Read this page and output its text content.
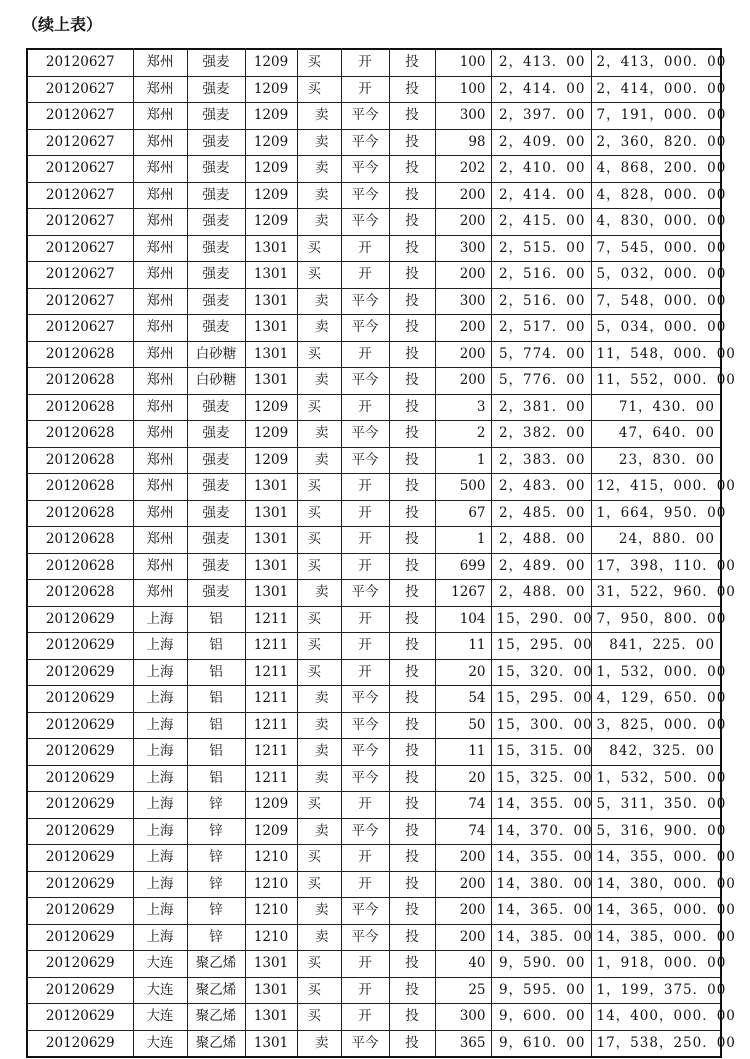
（续上表）
20120627	郑州	强麦	1209	买	开	投	100	2，413．00	2，413，000．00
20120627	郑州	强麦	1209	买	开	投	100	2，414．00	2，414，000．00
20120627	郑州	强麦	1209	卖	平今	投	300	2，397．00	7，191，000．00
20120627	郑州	强麦	1209	卖	平今	投	98	2，409．00	2，360，820．00
20120627	郑州	强麦	1209	卖	平今	投	202	2，410．00	4，868，200．00
20120627	郑州	强麦	1209	卖	平今	投	200	2，414．00	4，828，000．00
20120627	郑州	强麦	1209	卖	平今	投	200	2，415．00	4，830，000．00
20120627	郑州	强麦	1301	买	开	投	300	2，515．00	7，545，000．00
20120627	郑州	强麦	1301	买	开	投	200	2，516．00	5，032，000．00
20120627	郑州	强麦	1301	卖	平今	投	300	2，516．00	7，548，000．00
20120627	郑州	强麦	1301	卖	平今	投	200	2，517．00	5，034，000．00
20120628	郑州	白砂糖	1301	买	开	投	200	5，774．00	11，548，000．00
20120628	郑州	白砂糖	1301	卖	平今	投	200	5，776．00	11，552，000．00
20120628	郑州	强麦	1209	买	开	投	3	2，381．00	71，430．00
20120628	郑州	强麦	1209	卖	平今	投	2	2，382．00	47，640．00
20120628	郑州	强麦	1209	卖	平今	投	1	2，383．00	23，830．00
20120628	郑州	强麦	1301	买	开	投	500	2，483．00	12，415，000．00
20120628	郑州	强麦	1301	买	开	投	67	2，485．00	1，664，950．00
20120628	郑州	强麦	1301	买	开	投	1	2，488．00	24，880．00
20120628	郑州	强麦	1301	买	开	投	699	2，489．00	17，398，110．00
20120628	郑州	强麦	1301	卖	平今	投	1267	2，488．00	31，522，960．00
20120629	上海	铝	1211	买	开	投	104	15，290．00	7，950，800．00
20120629	上海	铝	1211	买	开	投	11	15，295．00	841，225．00
20120629	上海	铝	1211	买	开	投	20	15，320．00	1，532，000．00
20120629	上海	铝	1211	卖	平今	投	54	15，295．00	4，129，650．00
20120629	上海	铝	1211	卖	平今	投	50	15，300．00	3，825，000．00
20120629	上海	铝	1211	卖	平今	投	11	15，315．00	842，325．00
20120629	上海	铝	1211	卖	平今	投	20	15，325．00	1，532，500．00
20120629	上海	锌	1209	买	开	投	74	14，355．00	5，311，350．00
20120629	上海	锌	1209	卖	平今	投	74	14，370．00	5，316，900．00
20120629	上海	锌	1210	买	开	投	200	14，355．00	14，355，000．00
20120629	上海	锌	1210	买	开	投	200	14，380．00	14，380，000．00
20120629	上海	锌	1210	卖	平今	投	200	14，365．00	14，365，000．00
20120629	上海	锌	1210	卖	平今	投	200	14，385．00	14，385，000．00
20120629	大连	聚乙烯	1301	买	开	投	40	9，590．00	1，918，000．00
20120629	大连	聚乙烯	1301	买	开	投	25	9，595．00	1，199，375．00
20120629	大连	聚乙烯	1301	买	开	投	300	9，600．00	14，400，000．00
20120629	大连	聚乙烯	1301	卖	平今	投	365	9，610．00	17，538，250．00
